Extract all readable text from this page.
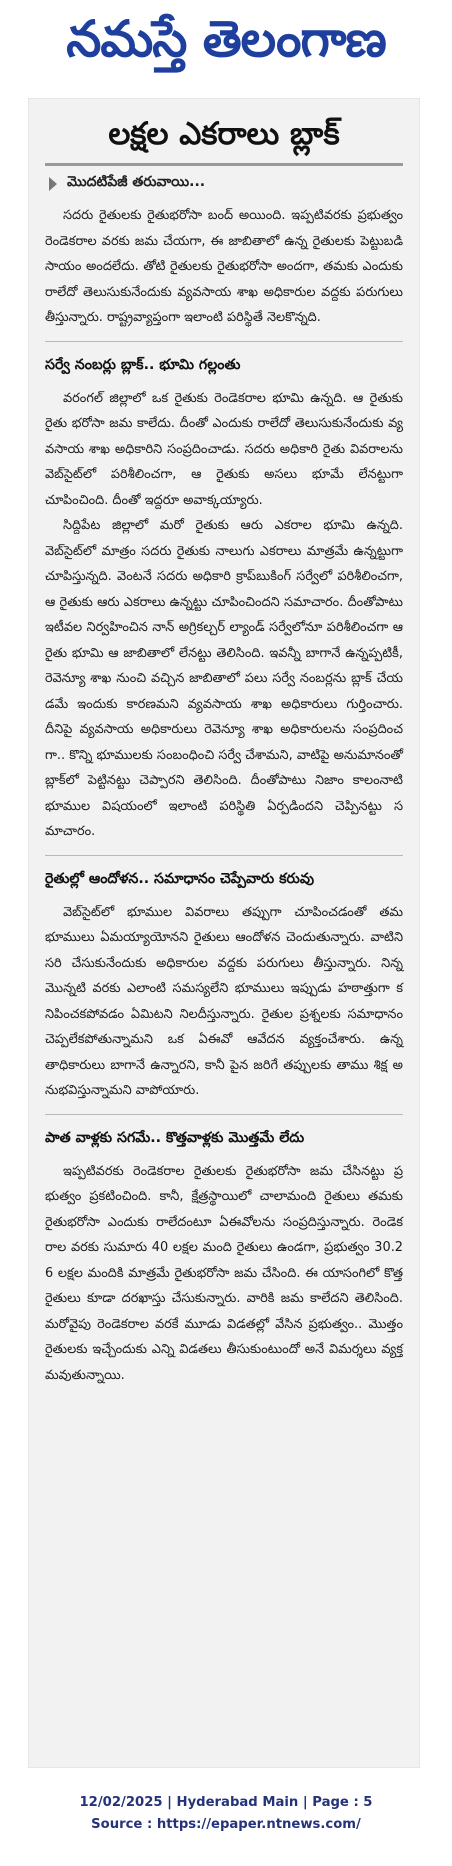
నమస్తే తెలంగాణ
లక్షల ఎకరాలు బ్లాక్
మొదటిపేజీ తరువాయి...

సదరు రైతులకు రైతుభరోసా బంద్ అయింది. ఇప్పటివరకు ప్రభుత్వం రెండెకరాల వరకు జమ చేయగా, ఈ జాబితాలో ఉన్న రైతులకు పెట్టుబడి సాయం అందలేదు. తోటి రైతులకు రైతుభరోసా అందగా, తమకు ఎందుకు రాలేదో తెలుసుకునేందుకు వ్యవసాయ శాఖ అధికారుల వద్దకు పరుగులు తీస్తున్నారు. రాష్ట్రవ్యాప్తంగా ఇలాంటి పరిస్థితే నెలకొన్నది.

సర్వే నంబర్లు బ్లాక్.. భూమి గల్లంతు

వరంగల్ జిల్లాలో ఒక రైతుకు రెండెకరాల భూమి ఉన్నది. ఆ రైతుకు రైతు భరోసా జమ కాలేదు. దీంతో ఎందుకు రాలేదో తెలుసుకునేందుకు వ్యవసాయ శాఖ అధికారిని సంప్రదించాడు. సదరు అధికారి రైతు వివరాలను వెబ్‌సైట్‌లో పరిశీలించగా, ఆ రైతుకు అసలు భూమే లేనట్టుగా చూపించింది. దీంతో ఇద్దరూ అవాక్కయ్యారు.

సిద్దిపేట జిల్లాలో మరో రైతుకు ఆరు ఎకరాల భూమి ఉన్నది. వెబ్‌సైట్‌లో మాత్రం సదరు రైతుకు నాలుగు ఎకరాలు మాత్రమే ఉన్నట్టుగా చూపిస్తున్నది. వెంటనే సదరు అధికారి క్రాప్‌బుకింగ్ సర్వేలో పరిశీలించగా, ఆ రైతుకు ఆరు ఎకరాలు ఉన్నట్టు చూపించిందని సమాచారం. దీంతోపాటు ఇటీవల నిర్వహించిన నాన్ అగ్రికల్చర్ ల్యాండ్ సర్వేలోనూ పరిశీలించగా ఆ రైతు భూమి ఆ జాబితాలో లేనట్టు తెలిసింది. ఇవన్నీ బాగానే ఉన్నప్పటికీ, రెవెన్యూ శాఖ నుంచి వచ్చిన జాబితాలో పలు సర్వే నంబర్లను బ్లాక్ చేయడమే ఇందుకు కారణమని వ్యవసాయ శాఖ అధికారులు గుర్తించారు. దీనిపై వ్యవసాయ అధికారులు రెవెన్యూ శాఖ అధికారులను సంప్రదించగా.. కొన్ని భూములకు సంబంధించి సర్వే చేశామని, వాటిపై అనుమానంతో బ్లాక్‌లో పెట్టినట్టు చెప్పారని తెలిసింది. దీంతోపాటు నిజాం కాలంనాటి భూముల విషయంలో ఇలాంటి పరిస్థితి ఏర్పడిందని చెప్పినట్టు సమాచారం.

రైతుల్లో ఆందోళన.. సమాధానం చెప్పేవారు కరువు

వెబ్‌సైట్‌లో భూముల వివరాలు తప్పుగా చూపించడంతో తమ భూములు ఏమయ్యాయోనని రైతులు ఆందోళన చెందుతున్నారు. వాటిని సరి చేసుకునేందుకు అధికారుల వద్దకు పరుగులు తీస్తున్నారు. నిన్న మొన్నటి వరకు ఎలాంటి సమస్యలేని భూములు ఇప్పుడు హఠాత్తుగా కనిపించకపోవడం ఏమిటని నిలదీస్తున్నారు. రైతుల ప్రశ్నలకు సమాధానం చెప్పలేకపోతున్నామని ఒక ఏఈవో ఆవేదన వ్యక్తంచేశారు. ఉన్నతాధికారులు బాగానే ఉన్నారని, కానీ పైన జరిగే తప్పులకు తాము శిక్ష అనుభవిస్తున్నామని వాపోయారు.

పాత వాళ్లకు సగమే.. కొత్తవాళ్లకు మొత్తమే లేదు

ఇప్పటివరకు రెండెకరాల రైతులకు రైతుభరోసా జమ చేసినట్టు ప్రభుత్వం ప్రకటించింది. కానీ, క్షేత్రస్థాయిలో చాలామంది రైతులు తమకు రైతుభరోసా ఎందుకు రాలేదంటూ ఏఈవోలను సంప్రదిస్తున్నారు. రెండెకరాల వరకు సుమారు 40 లక్షల మంది రైతులు ఉండగా, ప్రభుత్వం 30.26 లక్షల మందికి మాత్రమే రైతుభరోసా జమ చేసింది. ఈ యాసంగిలో కొత్త రైతులు కూడా దరఖాస్తు చేసుకున్నారు. వారికి జమ కాలేదని తెలిసింది. మరోవైపు రెండెకరాల వరకే మూడు విడతల్లో వేసిన ప్రభుత్వం.. మొత్తం రైతులకు ఇచ్చేందుకు ఎన్ని విడతలు తీసుకుంటుందో అనే విమర్శలు వ్యక్తమవుతున్నాయి.

12/02/2025 | Hyderabad Main | Page : 5
Source : https://epaper.ntnews.com/
